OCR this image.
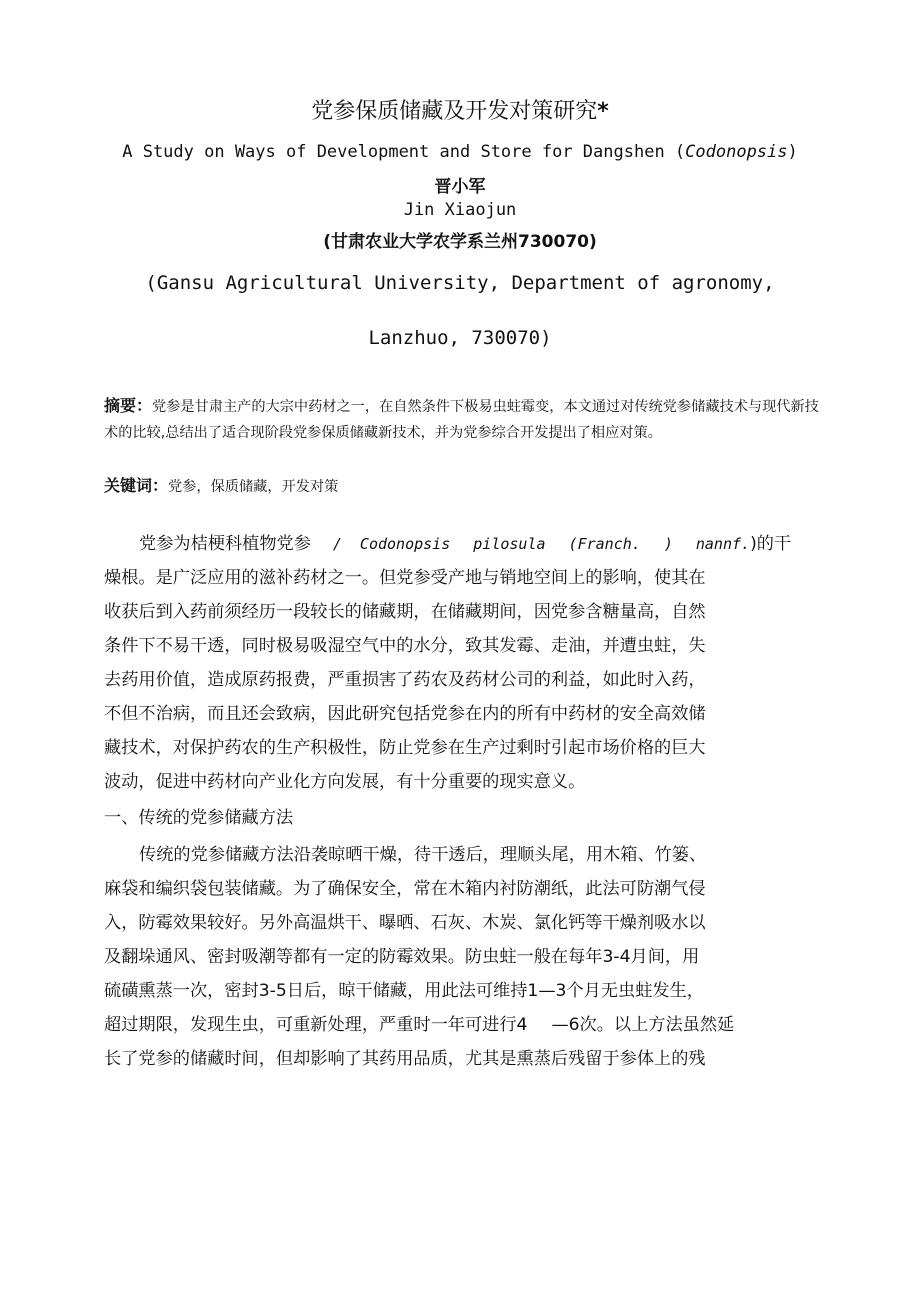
党参保质储藏及开发对策研究*
A Study on Ways of Development and Store for Dangshen (Codonopsis)
晋小军
Jin Xiaojun
(甘肃农业大学农学系兰州730070)
(Gansu Agricultural University, Department of agronomy,
Lanzhuo, 730070)
摘要：党参是甘肃主产的大宗中药材之一，在自然条件下极易虫蛀霉变，本文通过对传统党参储藏技术与现代新技术的比较,总结出了适合现阶段党参保质储藏新技术，并为党参综合开发提出了相应对策。
关键词：党参，保质储藏，开发对策
党参为桔梗科植物党参 / Codonopsis pilosula (Franch. ) nannf.)的干
燥根。是广泛应用的滋补药材之一。但党参受产地与销地空间上的影响，使其在
收获后到入药前须经历一段较长的储藏期，在储藏期间，因党参含糖量高，自然
条件下不易干透，同时极易吸湿空气中的水分，致其发霉、走油，并遭虫蛀，失
去药用价值，造成原药报费，严重损害了药农及药材公司的利益，如此时入药，
不但不治病，而且还会致病，因此研究包括党参在内的所有中药材的安全高效储
藏技术，对保护药农的生产积极性，防止党参在生产过剩时引起市场价格的巨大
波动，促进中药材向产业化方向发展，有十分重要的现实意义。
一、传统的党参储藏方法
传统的党参储藏方法沿袭晾晒干燥，待干透后，理顺头尾，用木箱、竹篓、
麻袋和编织袋包装储藏。为了确保安全，常在木箱内衬防潮纸，此法可防潮气侵
入，防霉效果较好。另外高温烘干、曝晒、石灰、木炭、氯化钙等干燥剂吸水以
及翻垛通风、密封吸潮等都有一定的防霉效果。防虫蛀一般在每年3-4月间，用
硫磺熏蒸一次，密封3-5日后，晾干储藏，用此法可维持1—3个月无虫蛀发生，
超过期限，发现生虫，可重新处理，严重时一年可进行4 —6次。以上方法虽然延
长了党参的储藏时间，但却影响了其药用品质，尤其是熏蒸后残留于参体上的残
